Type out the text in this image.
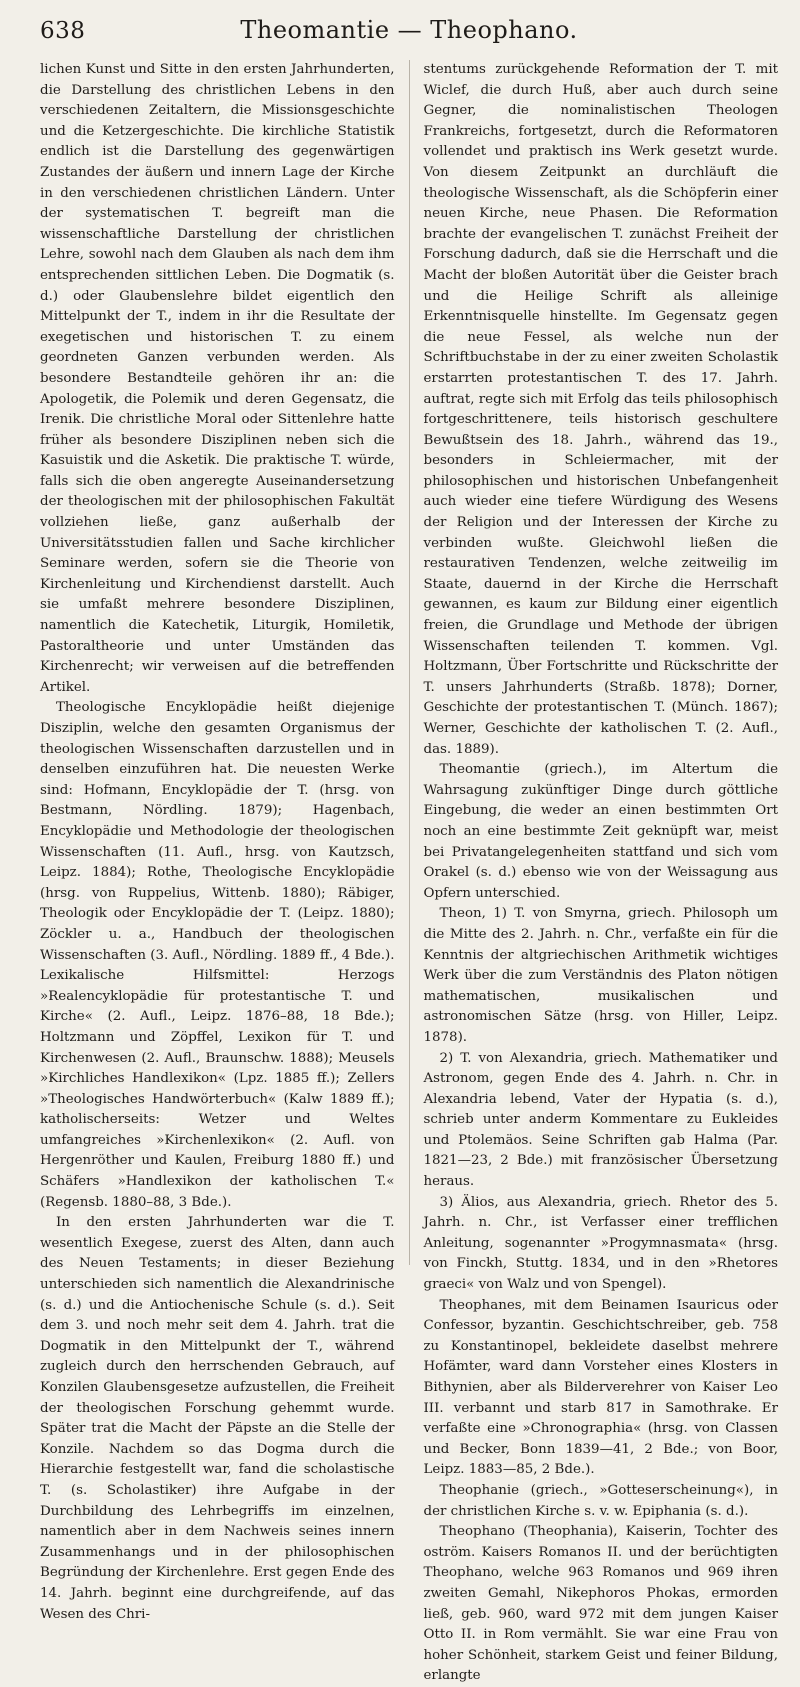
638	Theomantie — Theophano.

lichen Kunst und Sitte in den ersten Jahrhunderten, die Darstellung des christlichen Lebens in den verschiedenen Zeitaltern, die Missionsgeschichte und die Ketzergeschichte. Die kirchliche Statistik endlich ist die Darstellung des gegenwärtigen Zustandes der äußern und innern Lage der Kirche in den verschiedenen christlichen Ländern. Unter der systematischen T. begreift man die wissenschaftliche Darstellung der christlichen Lehre, sowohl nach dem Glauben als nach dem ihm entsprechenden sittlichen Leben. Die Dogmatik (s. d.) oder Glaubenslehre bildet eigentlich den Mittelpunkt der T., indem in ihr die Resultate der exegetischen und historischen T. zu einem geordneten Ganzen verbunden werden. Als besondere Bestandteile gehören ihr an: die Apologetik, die Polemik und deren Gegensatz, die Irenik. Die christliche Moral oder Sittenlehre hatte früher als besondere Disziplinen neben sich die Kasuistik und die Asketik. Die praktische T. würde, falls sich die oben angeregte Auseinandersetzung der theologischen mit der philosophischen Fakultät vollziehen ließe, ganz außerhalb der Universitätsstudien fallen und Sache kirchlicher Seminare werden, sofern sie die Theorie von Kirchenleitung und Kirchendienst darstellt. Auch sie umfaßt mehrere besondere Disziplinen, namentlich die Katechetik, Liturgik, Homiletik, Pastoraltheorie und unter Umständen das Kirchenrecht; wir verweisen auf die betreffenden Artikel.

Theologische Encyklopädie heißt diejenige Disziplin, welche den gesamten Organismus der theologischen Wissenschaften darzustellen und in denselben einzuführen hat. Die neuesten Werke sind: Hofmann, Encyklopädie der T. (hrsg. von Bestmann, Nördling. 1879); Hagenbach, Encyklopädie und Methodologie der theologischen Wissenschaften (11. Aufl., hrsg. von Kautzsch, Leipz. 1884); Rothe, Theologische Encyklopädie (hrsg. von Ruppelius, Wittenb. 1880); Räbiger, Theologik oder Encyklopädie der T. (Leipz. 1880); Zöckler u. a., Handbuch der theologischen Wissenschaften (3. Aufl., Nördling. 1889 ff., 4 Bde.). Lexikalische Hilfsmittel: Herzogs »Realencyklopädie für protestantische T. und Kirche« (2. Aufl., Leipz. 1876–88, 18 Bde.); Holtzmann und Zöpffel, Lexikon für T. und Kirchenwesen (2. Aufl., Braunschw. 1888); Meusels »Kirchliches Handlexikon« (Lpz. 1885 ff.); Zellers »Theologisches Handwörterbuch« (Kalw 1889 ff.); katholischerseits: Wetzer und Weltes umfangreiches »Kirchenlexikon« (2. Aufl. von Hergenröther und Kaulen, Freiburg 1880 ff.) und Schäfers »Handlexikon der katholischen T.« (Regensb. 1880–88, 3 Bde.).

In den ersten Jahrhunderten war die T. wesentlich Exegese, zuerst des Alten, dann auch des Neuen Testaments; in dieser Beziehung unterschieden sich namentlich die Alexandrinische (s. d.) und die Antiochenische Schule (s. d.). Seit dem 3. und noch mehr seit dem 4. Jahrh. trat die Dogmatik in den Mittelpunkt der T., während zugleich durch den herrschenden Gebrauch, auf Konzilen Glaubensgesetze aufzustellen, die Freiheit der theologischen Forschung gehemmt wurde. Später trat die Macht der Päpste an die Stelle der Konzile. Nachdem so das Dogma durch die Hierarchie festgestellt war, fand die scholastische T. (s. Scholastiker) ihre Aufgabe in der Durchbildung des Lehrbegriffs im einzelnen, namentlich aber in dem Nachweis seines innern Zusammenhangs und in der philosophischen Begründung der Kirchenlehre. Erst gegen Ende des 14. Jahrh. beginnt eine durchgreifende, auf das Wesen des Chri-

stentums zurückgehende Reformation der T. mit Wiclef, die durch Huß, aber auch durch seine Gegner, die nominalistischen Theologen Frankreichs, fortgesetzt, durch die Reformatoren vollendet und praktisch ins Werk gesetzt wurde. Von diesem Zeitpunkt an durchläuft die theologische Wissenschaft, als die Schöpferin einer neuen Kirche, neue Phasen. Die Reformation brachte der evangelischen T. zunächst Freiheit der Forschung dadurch, daß sie die Herrschaft und die Macht der bloßen Autorität über die Geister brach und die Heilige Schrift als alleinige Erkenntnisquelle hinstellte. Im Gegensatz gegen die neue Fessel, als welche nun der Schriftbuchstabe in der zu einer zweiten Scholastik erstarrten protestantischen T. des 17. Jahrh. auftrat, regte sich mit Erfolg das teils philosophisch fortgeschrittenere, teils historisch geschultere Bewußtsein des 18. Jahrh., während das 19., besonders in Schleiermacher, mit der philosophischen und historischen Unbefangenheit auch wieder eine tiefere Würdigung des Wesens der Religion und der Interessen der Kirche zu verbinden wußte. Gleichwohl ließen die restaurativen Tendenzen, welche zeitweilig im Staate, dauernd in der Kirche die Herrschaft gewannen, es kaum zur Bildung einer eigentlich freien, die Grundlage und Methode der übrigen Wissenschaften teilenden T. kommen. Vgl. Holtzmann, Über Fortschritte und Rückschritte der T. unsers Jahrhunderts (Straßb. 1878); Dorner, Geschichte der protestantischen T. (Münch. 1867); Werner, Geschichte der katholischen T. (2. Aufl., das. 1889).

Theomantie (griech.), im Altertum die Wahrsagung zukünftiger Dinge durch göttliche Eingebung, die weder an einen bestimmten Ort noch an eine bestimmte Zeit geknüpft war, meist bei Privatangelegenheiten stattfand und sich vom Orakel (s. d.) ebenso wie von der Weissagung aus Opfern unterschied.

Theon, 1) T. von Smyrna, griech. Philosoph um die Mitte des 2. Jahrh. n. Chr., verfaßte ein für die Kenntnis der altgriechischen Arithmetik wichtiges Werk über die zum Verständnis des Platon nötigen mathematischen, musikalischen und astronomischen Sätze (hrsg. von Hiller, Leipz. 1878).

2) T. von Alexandria, griech. Mathematiker und Astronom, gegen Ende des 4. Jahrh. n. Chr. in Alexandria lebend, Vater der Hypatia (s. d.), schrieb unter anderm Kommentare zu Eukleides und Ptolemäos. Seine Schriften gab Halma (Par. 1821—23, 2 Bde.) mit französischer Übersetzung heraus.

3) Älios, aus Alexandria, griech. Rhetor des 5. Jahrh. n. Chr., ist Verfasser einer trefflichen Anleitung, sogenannter »Progymnasmata« (hrsg. von Finckh, Stuttg. 1834, und in den »Rhetores graeci« von Walz und von Spengel).

Theophanes, mit dem Beinamen Isauricus oder Confessor, byzantin. Geschichtschreiber, geb. 758 zu Konstantinopel, bekleidete daselbst mehrere Hofämter, ward dann Vorsteher eines Klosters in Bithynien, aber als Bilderverehrer von Kaiser Leo III. verbannt und starb 817 in Samothrake. Er verfaßte eine »Chronographia« (hrsg. von Classen und Becker, Bonn 1839—41, 2 Bde.; von Boor, Leipz. 1883—85, 2 Bde.).

Theophanie (griech., »Gotteserscheinung«), in der christlichen Kirche s. v. w. Epiphania (s. d.).

Theophano (Theophania), Kaiserin, Tochter des oström. Kaisers Romanos II. und der berüchtigten Theophano, welche 963 Romanos und 969 ihren zweiten Gemahl, Nikephoros Phokas, ermorden ließ, geb. 960, ward 972 mit dem jungen Kaiser Otto II. in Rom vermählt. Sie war eine Frau von hoher Schönheit, starkem Geist und feiner Bildung, erlangte
